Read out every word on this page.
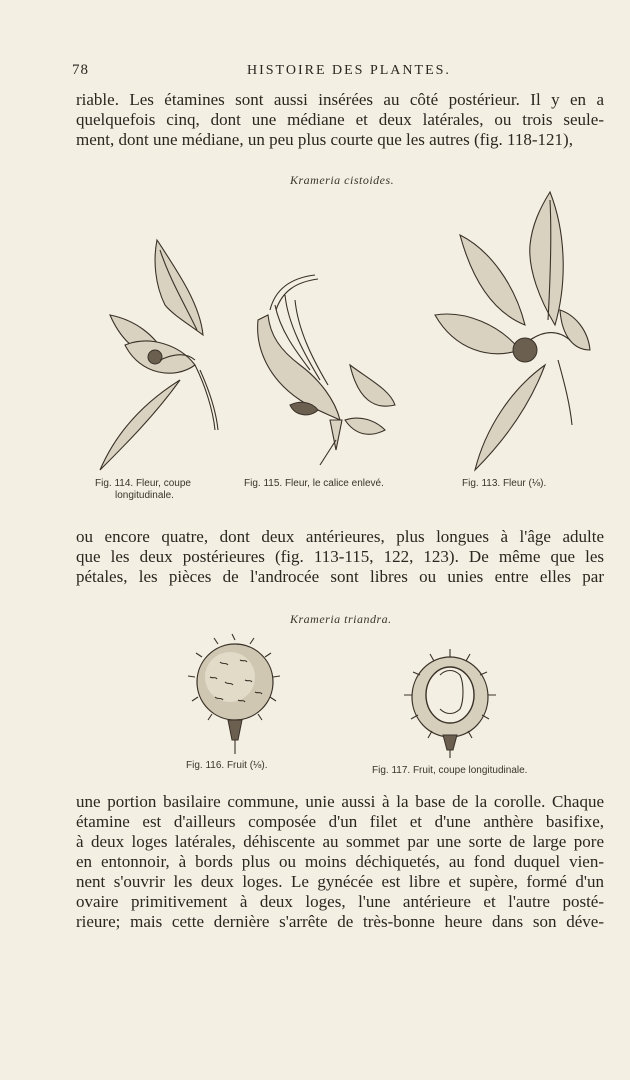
78	HISTOIRE DES PLANTES.
riable. Les étamines sont aussi insérées au côté postérieur. Il y en a
quelquefois cinq, dont une médiane et deux latérales, ou trois seule-
ment, dont une médiane, un peu plus courte que les autres (fig. 118-121),
Krameria cistoides.
Fig. 114. Fleur, coupe
longitudinale.
Fig. 115. Fleur, le calice enlevé.	Fig. 113. Fleur (⅛).
ou encore quatre, dont deux antérieures, plus longues à l'âge adulte
que les deux postérieures (fig. 113-115, 122, 123). De même que les
pétales, les pièces de l'androcée sont libres ou unies entre elles par
Krameria triandra.
Fig. 116. Fruit (⅛).	Fig. 117. Fruit, coupe longitudinale.
une portion basilaire commune, unie aussi à la base de la corolle. Chaque
étamine est d'ailleurs composée d'un filet et d'une anthère basifixe,
à deux loges latérales, déhiscente au sommet par une sorte de large pore
en entonnoir, à bords plus ou moins déchiquetés, au fond duquel vien-
nent s'ouvrir les deux loges. Le gynécée est libre et supère, formé d'un
ovaire primitivement à deux loges, l'une antérieure et l'autre posté-
rieure; mais cette dernière s'arrête de très-bonne heure dans son déve-
